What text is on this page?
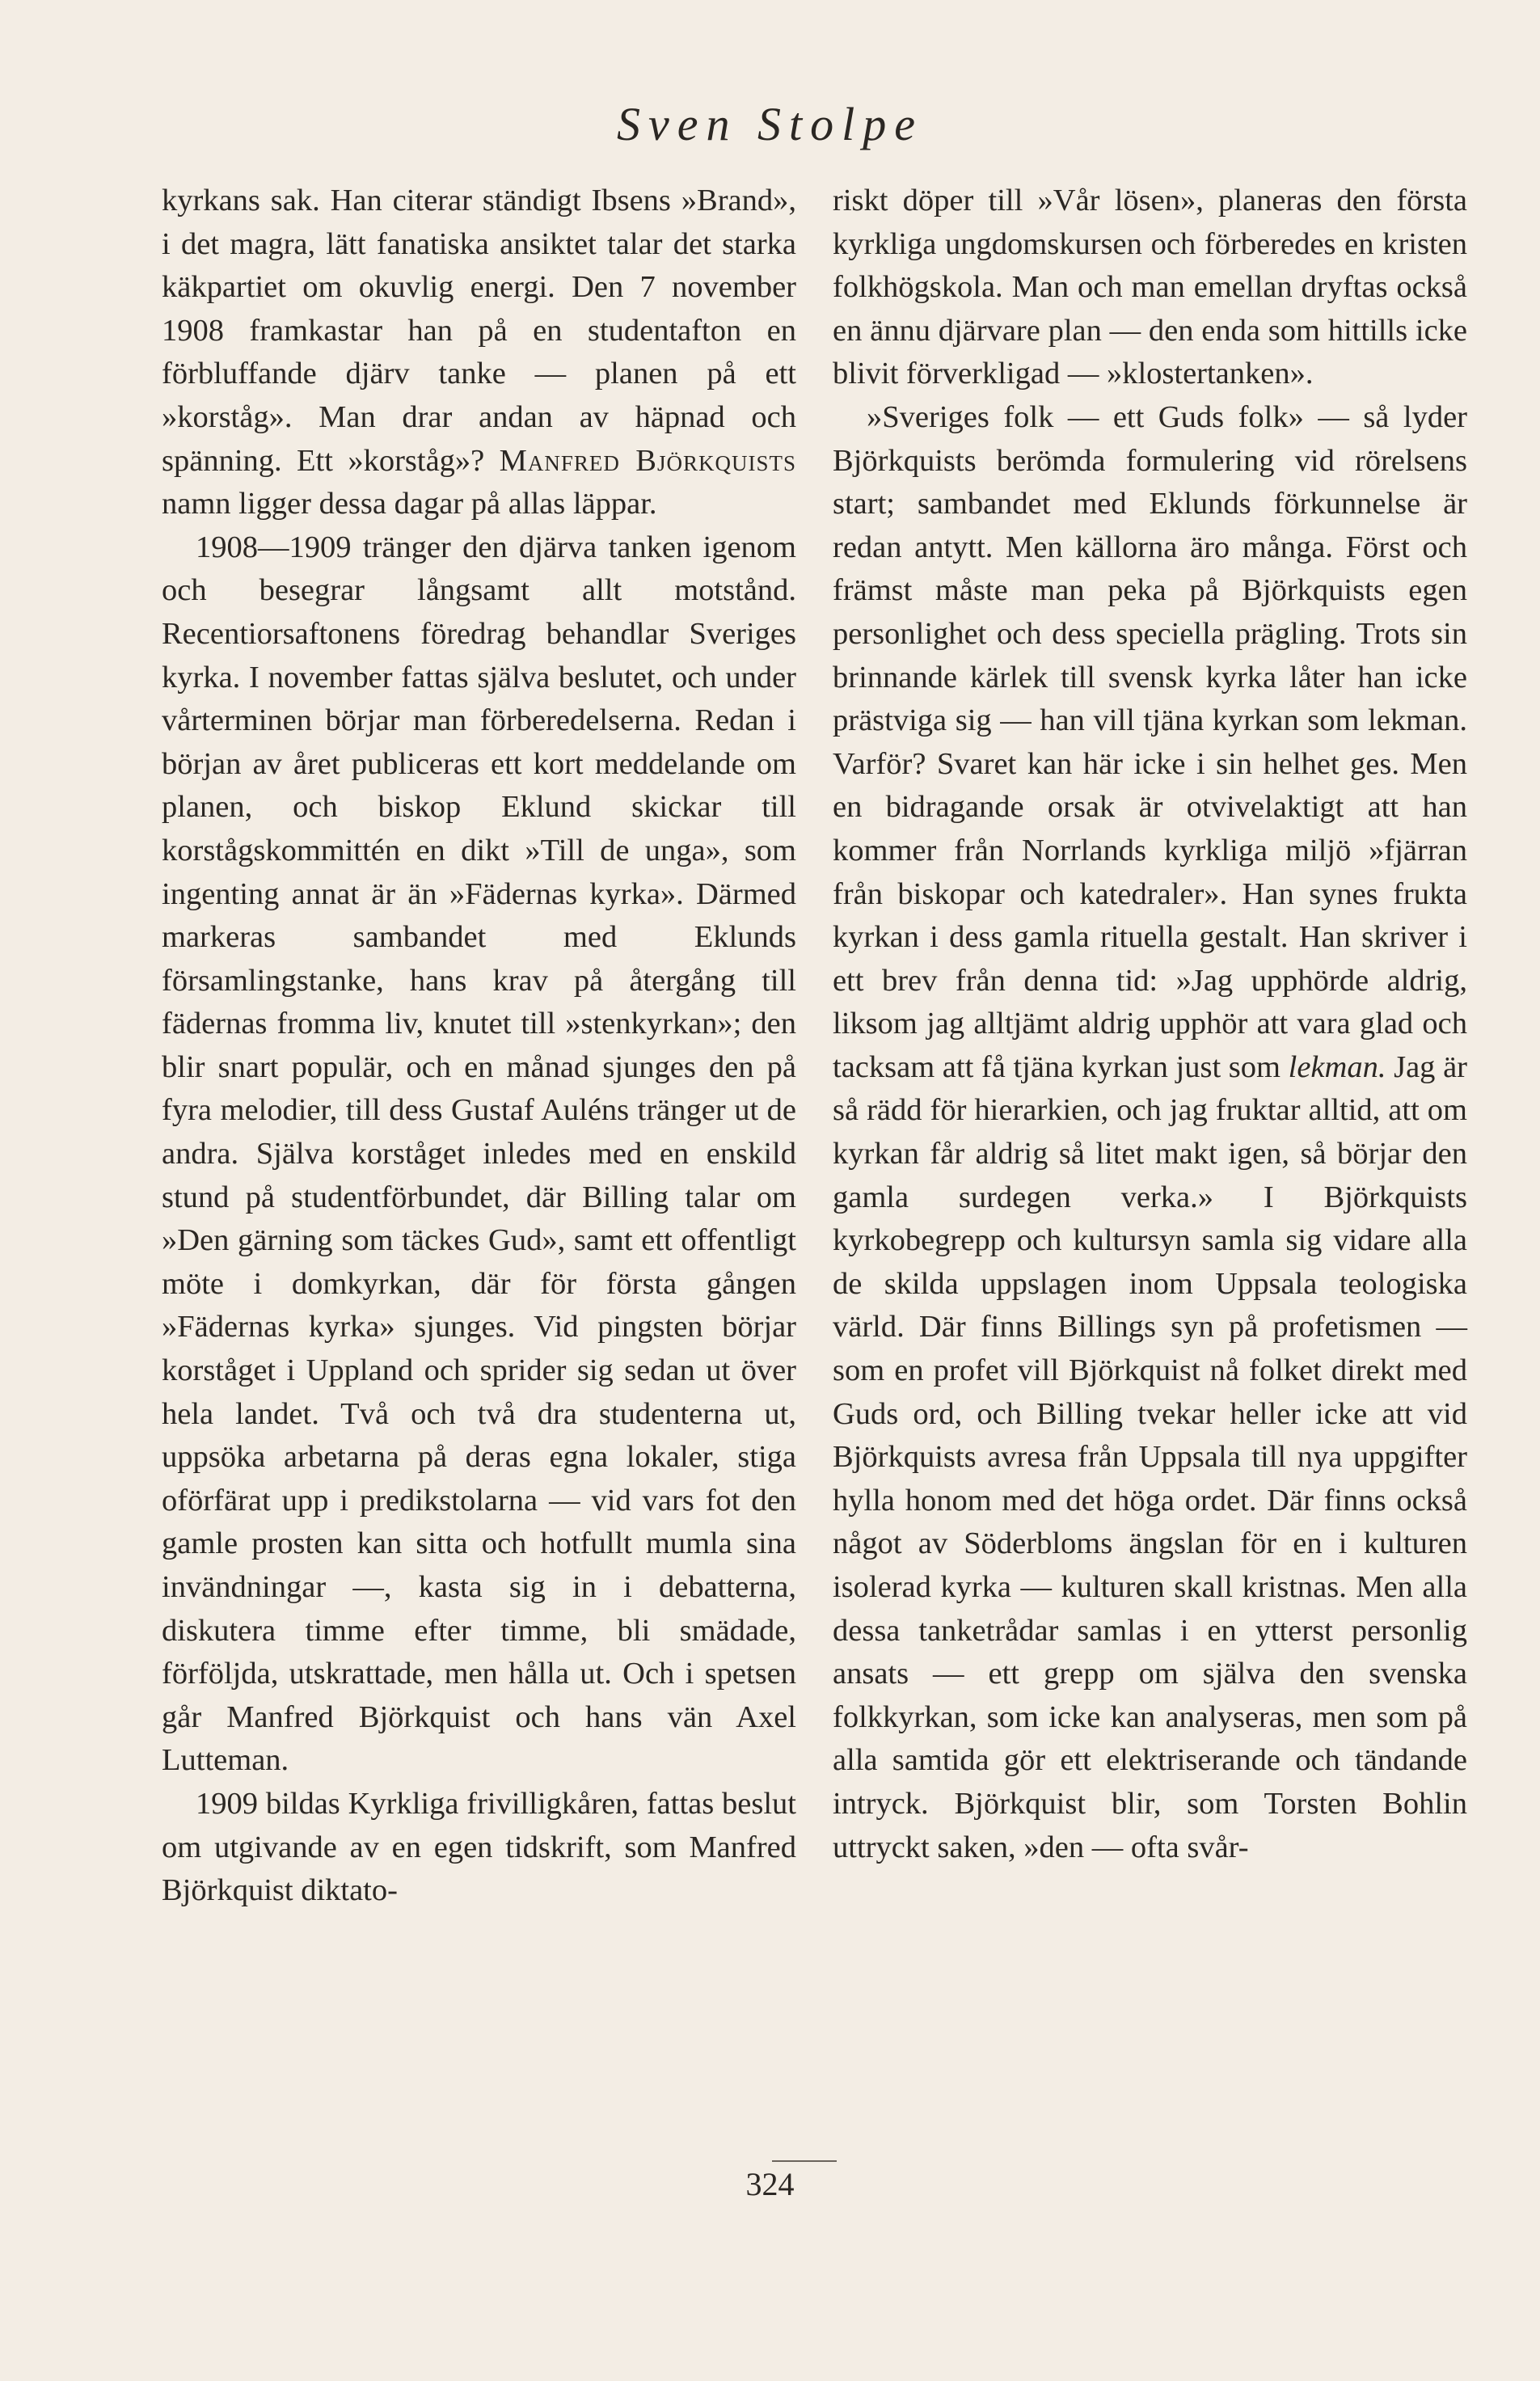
Sven Stolpe

kyrkans sak. Han citerar ständigt Ibsens »Brand», i det magra, lätt fanatiska ansiktet talar det starka käkpartiet om okuvlig energi. Den 7 november 1908 framkastar han på en studentafton en förbluffande djärv tanke — planen på ett »korståg». Man drar andan av häpnad och spänning. Ett »korståg»? Manfred Björkquists namn ligger dessa dagar på allas läppar.

1908—1909 tränger den djärva tanken igenom och besegrar långsamt allt motstånd. Recentiorsaftonens föredrag behandlar Sveriges kyrka. I november fattas själva beslutet, och under vårterminen börjar man förberedelserna. Redan i början av året publiceras ett kort meddelande om planen, och biskop Eklund skickar till korstågskommittén en dikt »Till de unga», som ingenting annat är än »Fädernas kyrka». Därmed markeras sambandet med Eklunds församlingstanke, hans krav på återgång till fädernas fromma liv, knutet till »stenkyrkan»; den blir snart populär, och en månad sjunges den på fyra melodier, till dess Gustaf Auléns tränger ut de andra. Själva korståget inledes med en enskild stund på studentförbundet, där Billing talar om »Den gärning som täckes Gud», samt ett offentligt möte i domkyrkan, där för första gången »Fädernas kyrka» sjunges. Vid pingsten börjar korståget i Uppland och sprider sig sedan ut över hela landet. Två och två dra studenterna ut, uppsöka arbetarna på deras egna lokaler, stiga oförfärat upp i predikstolarna — vid vars fot den gamle prosten kan sitta och hotfullt mumla sina invändningar —, kasta sig in i debatterna, diskutera timme efter timme, bli smädade, förföljda, utskrattade, men hålla ut. Och i spetsen går Manfred Björkquist och hans vän Axel Lutteman.

1909 bildas Kyrkliga frivilligkåren, fattas beslut om utgivande av en egen tidskrift, som Manfred Björkquist diktato-

riskt döper till »Vår lösen», planeras den första kyrkliga ungdomskursen och förberedes en kristen folkhögskola. Man och man emellan dryftas också en ännu djärvare plan — den enda som hittills icke blivit förverkligad — »klostertanken».

»Sveriges folk — ett Guds folk» — så lyder Björkquists berömda formulering vid rörelsens start; sambandet med Eklunds förkunnelse är redan antytt. Men källorna äro många. Först och främst måste man peka på Björkquists egen personlighet och dess speciella prägling. Trots sin brinnande kärlek till svensk kyrka låter han icke prästviga sig — han vill tjäna kyrkan som lekman. Varför? Svaret kan här icke i sin helhet ges. Men en bidragande orsak är otvivelaktigt att han kommer från Norrlands kyrkliga miljö »fjärran från biskopar och katedraler». Han synes frukta kyrkan i dess gamla rituella gestalt. Han skriver i ett brev från denna tid: »Jag upphörde aldrig, liksom jag alltjämt aldrig upphör att vara glad och tacksam att få tjäna kyrkan just som lekman. Jag är så rädd för hierarkien, och jag fruktar alltid, att om kyrkan får aldrig så litet makt igen, så börjar den gamla surdegen verka.» I Björkquists kyrkobegrepp och kultursyn samla sig vidare alla de skilda uppslagen inom Uppsala teologiska värld. Där finns Billings syn på profetismen — som en profet vill Björkquist nå folket direkt med Guds ord, och Billing tvekar heller icke att vid Björkquists avresa från Uppsala till nya uppgifter hylla honom med det höga ordet. Där finns också något av Söderbloms ängslan för en i kulturen isolerad kyrka — kulturen skall kristnas. Men alla dessa tanketrådar samlas i en ytterst personlig ansats — ett grepp om själva den svenska folkkyrkan, som icke kan analyseras, men som på alla samtida gör ett elektriserande och tändande intryck. Björkquist blir, som Torsten Bohlin uttryckt saken, »den — ofta svår-

324
